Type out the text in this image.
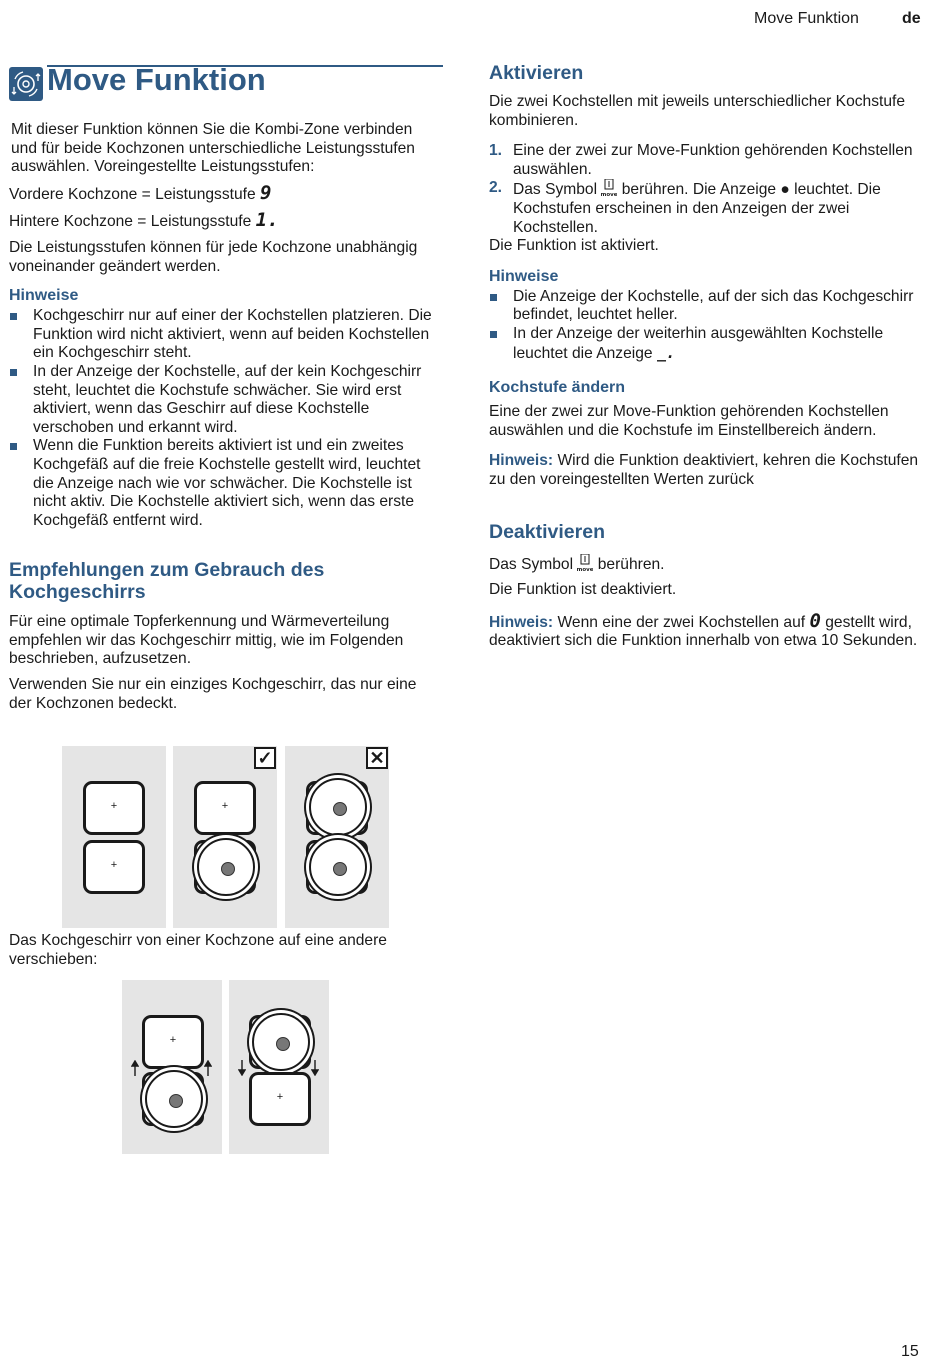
Move Funktion	de
Move Funktion

Mit dieser Funktion können Sie die Kombi-Zone verbinden und für beide Kochzonen unterschiedliche Leistungsstufen auswählen. Voreingestellte Leistungsstufen:

Vordere Kochzone = Leistungsstufe 9

Hintere Kochzone = Leistungsstufe 1.

Die Leistungsstufen können für jede Kochzone unabhängig voneinander geändert werden.

Hinweise
Kochgeschirr nur auf einer der Kochstellen platzieren. Die Funktion wird nicht aktiviert, wenn auf beiden Kochstellen ein Kochgeschirr steht.
In der Anzeige der Kochstelle, auf der kein Kochgeschirr steht, leuchtet die Kochstufe schwächer. Sie wird erst aktiviert, wenn das Geschirr auf diese Kochstelle verschoben und erkannt wird.
Wenn die Funktion bereits aktiviert ist und ein zweites Kochgefäß auf die freie Kochstelle gestellt wird, leuchtet die Anzeige nach wie vor schwächer. Die Kochstelle ist nicht aktiv. Die Kochstelle aktiviert sich, wenn das erste Kochgefäß entfernt wird.
Empfehlungen zum Gebrauch des Kochgeschirrs

Für eine optimale Topferkennung und Wärmeverteilung empfehlen wir das Kochgeschirr mittig, wie im Folgenden beschrieben, aufzusetzen.

Verwenden Sie nur ein einziges Kochgeschirr, das nur eine der Kochzonen bedeckt.

+
+
✓
+
✕

Das Kochgeschirr von einer Kochzone auf eine andere verschieben:

+
+
Aktivieren

Die zwei Kochstellen mit jeweils unterschiedlicher Kochstufe kombinieren.

1. Eine der zwei zur Move-Funktion gehörenden Kochstellen auswählen.
2. Das Symbol move berühren. Die Anzeige ● leuchtet. Die Kochstufen erscheinen in den Anzeigen der zwei Kochstellen.

Die Funktion ist aktiviert.

Hinweise
Die Anzeige der Kochstelle, auf der sich das Kochgeschirr befindet, leuchtet heller.
In der Anzeige der weiterhin ausgewählten Kochstelle leuchtet die Anzeige _.
Kochstufe ändern

Eine der zwei zur Move-Funktion gehörenden Kochstellen auswählen und die Kochstufe im Einstellbereich ändern.

Hinweis: Wird die Funktion deaktiviert, kehren die Kochstufen zu den voreingestellten Werten zurück

Deaktivieren

Das Symbol move berühren.

Die Funktion ist deaktiviert.

Hinweis: Wenn eine der zwei Kochstellen auf 0 gestellt wird, deaktiviert sich die Funktion innerhalb von etwa 10 Sekunden.

15
